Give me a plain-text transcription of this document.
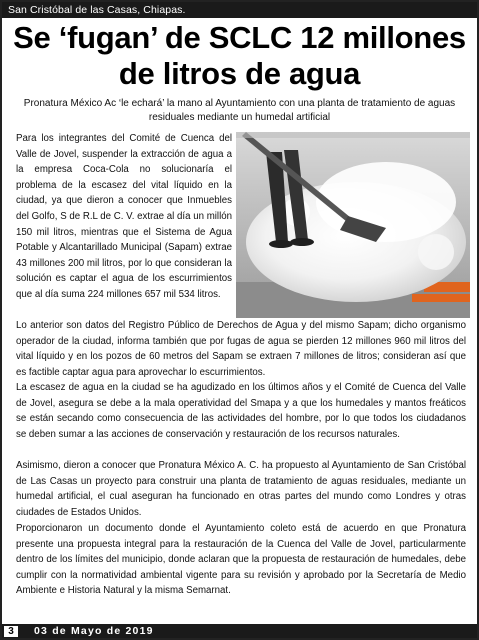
San Cristóbal de las Casas, Chiapas.
Se ‘fugan’ de SCLC 12 millones de litros de agua
Pronatura México Ac ‘le echará’ la mano al Ayuntamiento con una planta de tratamiento de aguas residuales mediante un humedal artificial

Para los integrantes del Comité de Cuenca del Valle de Jovel, suspender la extracción de agua a la empresa Coca-Cola no solucionaría el problema de la escasez del vital líquido en la ciudad, ya que dieron a conocer que Inmuebles del Golfo, S de R.L de C. V. extrae al día un millón 150 mil litros, mientras que el Sistema de Agua Potable y Alcantarillado Municipal (Sapam) extrae 43 millones 200 mil litros, por lo que consideran la solución es captar el agua de los escurrimientos que al día suma 224 millones 657 mil 534 litros.

Lo anterior son datos del Registro Público de Derechos de Agua y del mismo Sapam; dicho organismo operador de la ciudad, informa también que por fugas de agua se pierden 12 millones 960 mil litros del vital líquido y en los pozos de 60 metros del Sapam se extraen 7 millones de litros; consideran así que es factible captar agua para aprovechar lo escurrimientos.

La escasez de agua en la ciudad se ha agudizado en los últimos años y el Comité de Cuenca del Valle de Jovel, asegura se debe a la mala operatividad del Smapa y a que los humedales y mantos freáticos se están secando como consecuencia de las actividades del hombre, por lo que todos los ciudadanos se deben sumar a las acciones de conservación y restauración de los recursos naturales.

Asimismo, dieron a conocer que Pronatura México A. C. ha propuesto al Ayuntamiento de San Cristóbal de Las Casas un proyecto para construir una planta de tratamiento de aguas residuales, mediante un humedal artificial, el cual aseguran ha funcionado en otras partes del mundo como Londres y otras ciudades de Estados Unidos.

Proporcionaron un documento donde el Ayuntamiento coleto está de acuerdo en que Pronatura presente una propuesta integral para la restauración de la Cuenca del Valle de Jovel, particularmente dentro de los límites del municipio, donde aclaran que la propuesta de restauración de humedales, debe cumplir con la normatividad ambiental vigente para su revisión y aprobado por la Secretaría de Medio Ambiente e Historia Natural y la misma Semarnat.

3	03 de Mayo de 2019
